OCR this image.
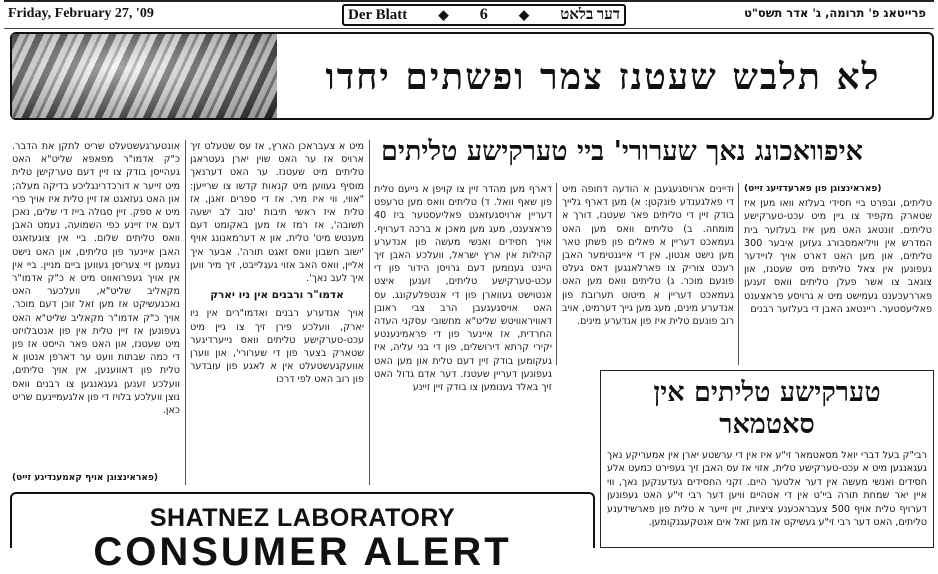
Friday, February 27, '09	Der Blatt ◆ 6 ◆ דער בלאט	פרייטאג פ' תרומה, ג' אדר תשס"ט
לא תלבש שעטנז צמר ופשתים יחדו
איפוואכונג נאך שערורי' ביי טערקישע טליתים

(פאראינצוגן פון פארעדזיעג זייט)

טליתים, ובפרט ביי חסידי בעלזא וואו מען איז שטארק מקפיד צו גיין מיט עכט-טערקישע טליתים. זונטאג האט מען איז בעלזער בית המדרש אין וויליאמסבורג געזען איבער 300 טליתים, און מען האט דארט אויך לויידער געפונען אין צאל טליתים מיט שעטנז, און צוגאב צו אשר פעלן טליתים וואס זענען פאררעכענט געמישט מיט א גרויסע פראצענט פאליעסטער. ריינטאג האבן די בעלזער רבנים

ודיינים ארויסגעגעבן א הודעה דחופה מיט די פאלגענדע פונקטן: א) מען דארף גלייך בודק זיין די טליתים פאר שעטנז, דורך א מומחה. ב) טליתים וואס מען האט געמאכט דעריין א פאלים פון פשתן טאר מען נישט אנטון, אין די אייגנטימער האבן רעכט צוריק צו פארלאנגען דאס געלט פונעם מוכר. ג) טליתים וואס מען האט געמאכט דעריין א מיטוט תערובת פון אנדערע מינים, מעג מען גייך דערמיט, אויב רוב פונעם טלית איז פון אנדערע מינים.

דארף מען מהדר זיין צו קויפן א נייעם טלית פון שאף וואל. ד) טליתים וואס מען טרעפט דעריין ארויסגעזאגט פאליעסטער ביז 40 פראצענט, מעג מען מאכן א ברכה דערויף. אויך חסידים ואנשי מעשה פון אנדערע קהילות אין ארץ ישראל, וועלכע האבן זיך היינט גענומען דעם גרויסן הידור פון די עכט-טערקישע טליתים, זענען איצט אנטוישט געווארן פון די אנטפלעקונג. עס האט אויסגעגעבן הרב צבי ראובן דאוויראוויטש שליט"א מחשובי עסקני העדה החרדית, אז איינער פון די פראמינענטע יקירי קרתא דירושלים, פון די בני עליה, איז געקומען בודק זיין דעם טלית און מען האט געפונען דעריין שעטנז. דער אדם גדול האט זיך באלד גענומען צו בודק זיין זיינע

מיט א צעבראכן הארץ, אז עס שטעלט זיך ארויס אז ער האט שוין יארן געטראגן טליתים מיט שעטנז. ער האט דערנאך מוסיף געווען מיט קנאות קדשו צו שרייען: "אווי, ווי איז מיר. אז די ספרים זאגן, אז טלית איז ראשי תיבות 'טוב לב ישעה תשובה', אז רמז אז מען באקומט דעם מענטש מיט' טלית, און א דערמאנונג אויף 'ישוב חשבון וואס זאגט תורה'. אבער איך אליין, וואס האב אזוי געגלייבט, זיך מיר ווען איך לעב נאך'.

אדמו"ר ורבנים אין ניו יארק

אויך אנדערע רבנים ואדמו"רים אין ניו יארק, וועלכע פירן זיך צו גיין מיט עכט-טערקישע טליתים וואס נייערדיגער שטארק בצער פון די שערורי', און ווערן אוועקגעשטעלט אין א לאגע פון עובדער פון רוב האט לפי דרכו

אונטערגעשטעלט שריט לתקן את הדבר. כ"ק אדמו"ר מפאפא שליט"א האט געהייסן בודק צו זיין דעם טערקישן טלית מיט זייער א דורכדרינגליכע בדיקה מעלה; און האט געזאגט אז זיין טלית איז אויך פרי מיט א ספק. זיין סגולה בייז די שלים, נאכן דעם איז זיינע כפי השמועה, נעמט האבן וואס טליתים שלום. ביי אין צוגעזאגט האבן איינער פון טליתים, און האט נישט נעמען זיי צעריסן געווען ביים מניין. ביי אין אין אויך געפרואווט מיט א כ"ק אדמו"ר מקאליב שליט"א, וועלכער האט נאכגעשיקט אז מען זאל זוכן דעם מוכר. אויך כ"ק אדמו"ר מקאליב שליט"א האט געפונען אז זיין טלית אין פון אנטבלויזט מיט שעטנז, און האט פאר הייסט אז פון די כמה שבתות וועט ער דארפן אנטון א טלית פון דאווענען, אין אויך טליתים, וועלכע זענען געגאנגען צו רבנים וואס נוצן וועלכע בלויז די פון אלגעמיינעם שריט כאן.

(פאראינצוגן אויף קאמענדיגע זייט)

טערקישע טליתים אין סאטמאר
רבי"ק בעל דברי יואל מסאטמאר זי"ע איז אין די ערשטע יארן אין אמעריקע נאך געגאנגען מיט א עכט-טערקישע טלית, אזוי אז עס האבן זיך געפירט כמעט אלע חסידים ואנשי מעשה אין דער אלטער היים. זקני החסידים געדענקען נאך, ווי איין יאר שמחת תורה ביי'ט אין די אטהיים וויען דער רבי זי"ע האט געפונען דערויף טלית אויף 500 צעבראכענע ציציות, זיין זייער א טלית פון פארשידענע טליתים, האט דער רבי זי"ע געשיקט אז מען זאל אים אנטקעגנקומען.
SHATNEZ LABORATORY
CONSUMER ALERT
